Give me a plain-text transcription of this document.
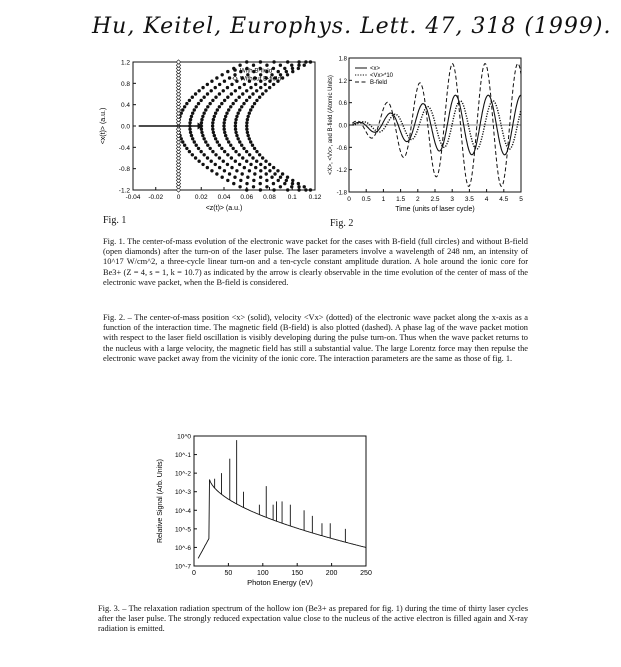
Hu, Keitel, Europhys. Lett. 47, 318 (1999).
-0.04 -0.02 0 0.02 0.04 0.06 0.08 0.1 0.12
1.2
0.8
0.4
0.0
-0.4
-0.8
-1.2
<z(t)> (a.u.)
<x(t)> (a.u.)
With B-field
Without B-field
0 0.5 1 1.5 2 2.5 3 3.5 4 4.5 5
1.8
1.2
0.6
0.0
-0.6
-1.2
-1.8
Time (units of laser cycle)
<X>, <Vx>, and B-field (Atomic Units)
<x>
<Vx>*10
B-field
Fig. 1	Fig. 2
Fig. 1. The center-of-mass evolution of the electronic wave packet for the cases with B-field (full circles) and without B-field (open diamonds) after the turn-on of the laser pulse. The laser parameters involve a wavelength of 248 nm, an intensity of 10^17 W/cm^2, a three-cycle linear turn-on and a ten-cycle constant amplitude duration. A hole around the ionic core for Be3+ (Z = 4, s = 1, k = 10.7) as indicated by the arrow is clearly observable in the time evolution of the center of mass of the electronic wave packet, when the B-field is considered.
Fig. 2. – The center-of-mass position <x> (solid), velocity <Vx> (dotted) of the electronic wave packet along the x-axis as a function of the interaction time. The magnetic field (B-field) is also plotted (dashed). A phase lag of the wave packet motion with respect to the laser field oscillation is visibly developing during the pulse turn-on. Thus when the wave packet returns to the nucleus with a large velocity, the magnetic field has still a substantial value. The large Lorentz force may then repulse the electronic wave packet away from the vicinity of the ionic core. The interaction parameters are the same as those of fig. 1.
0	50	100	150	200	250
10^0
10^-1
10^-2
10^-3
10^-4
10^-5
10^-6
10^-7
Photon Energy (eV)
Relative Signal (Arb. Units)
Fig. 3. – The relaxation radiation spectrum of the hollow ion (Be3+ as prepared for fig. 1) during the time of thirty laser cycles after the laser pulse. The strongly reduced expectation value close to the nucleus of the active electron is filled again and X-ray radiation is emitted.
